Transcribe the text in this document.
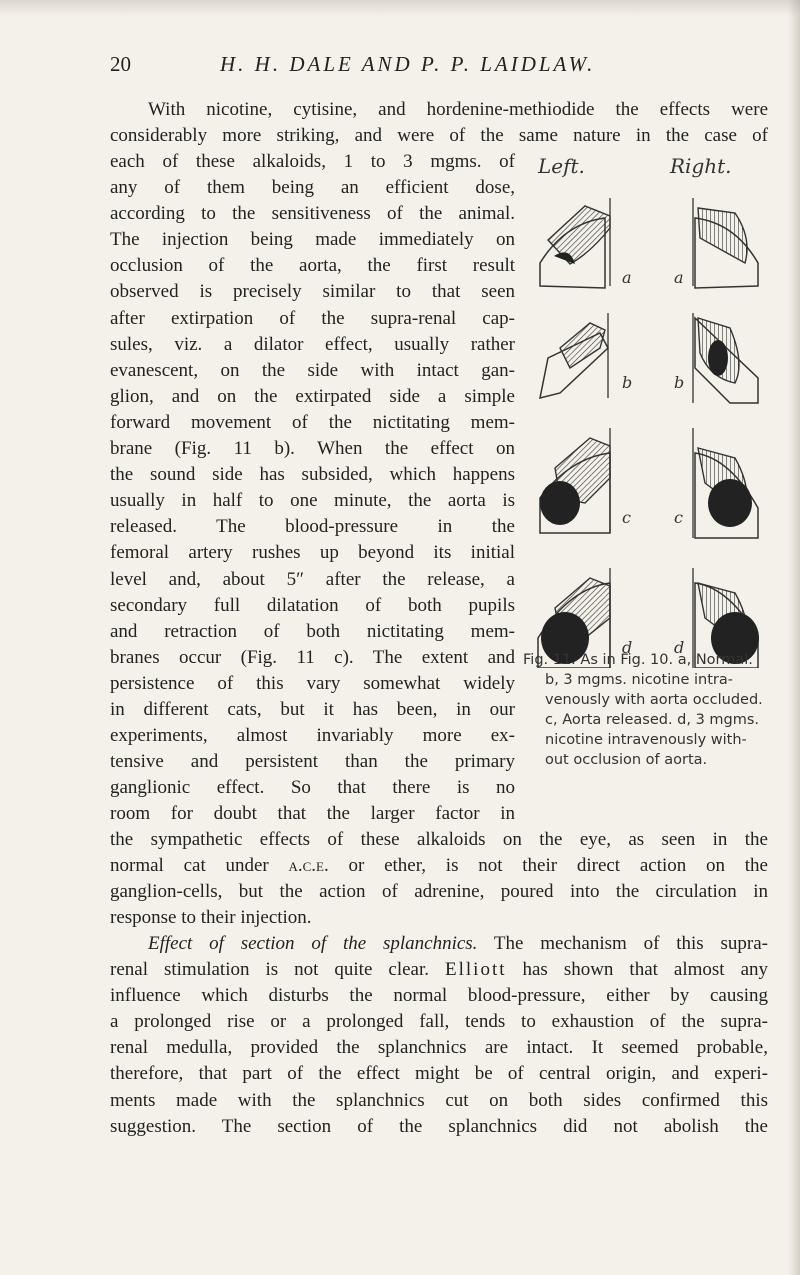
20	H. H. DALE AND P. P. LAIDLAW.
With nicotine, cytisine, and hordenine-methiodide the effects were
considerably more striking, and were of the same nature in the case of
each of these alkaloids, 1 to 3 mgms. of
any of them being an efficient dose,
according to the sensitiveness of the animal.
The injection being made immediately on
occlusion of the aorta, the first result
observed is precisely similar to that seen
after extirpation of the supra-renal cap-
sules, viz. a dilator effect, usually rather
evanescent, on the side with intact gan-
glion, and on the extirpated side a simple
forward movement of the nictitating mem-
brane (Fig. 11 b). When the effect on
the sound side has subsided, which happens
usually in half to one minute, the aorta is
released. The blood-pressure in the
femoral artery rushes up beyond its initial
level and, about 5″ after the release, a
secondary full dilatation of both pupils
and retraction of both nictitating mem-
branes occur (Fig. 11 c). The extent and
persistence of this vary somewhat widely
in different cats, but it has been, in our
experiments, almost invariably more ex-
tensive and persistent than the primary
ganglionic effect. So that there is no
room for doubt that the larger factor in
Left.	Right.
a	a
b	b
c	c
d	d
Fig. 11. As in Fig. 10. a, Normal.
b, 3 mgms. nicotine intra-
venously with aorta occluded.
c, Aorta released. d, 3 mgms.
nicotine intravenously with-
out occlusion of aorta.
the sympathetic effects of these alkaloids on the eye, as seen in the
normal cat under a.c.e. or ether, is not their direct action on the
ganglion-cells, but the action of adrenine, poured into the circulation in
response to their injection.
Effect of section of the splanchnics. The mechanism of this supra-
renal stimulation is not quite clear. Elliott has shown that almost any
influence which disturbs the normal blood-pressure, either by causing
a prolonged rise or a prolonged fall, tends to exhaustion of the supra-
renal medulla, provided the splanchnics are intact. It seemed probable,
therefore, that part of the effect might be of central origin, and experi-
ments made with the splanchnics cut on both sides confirmed this
suggestion. The section of the splanchnics did not abolish the
